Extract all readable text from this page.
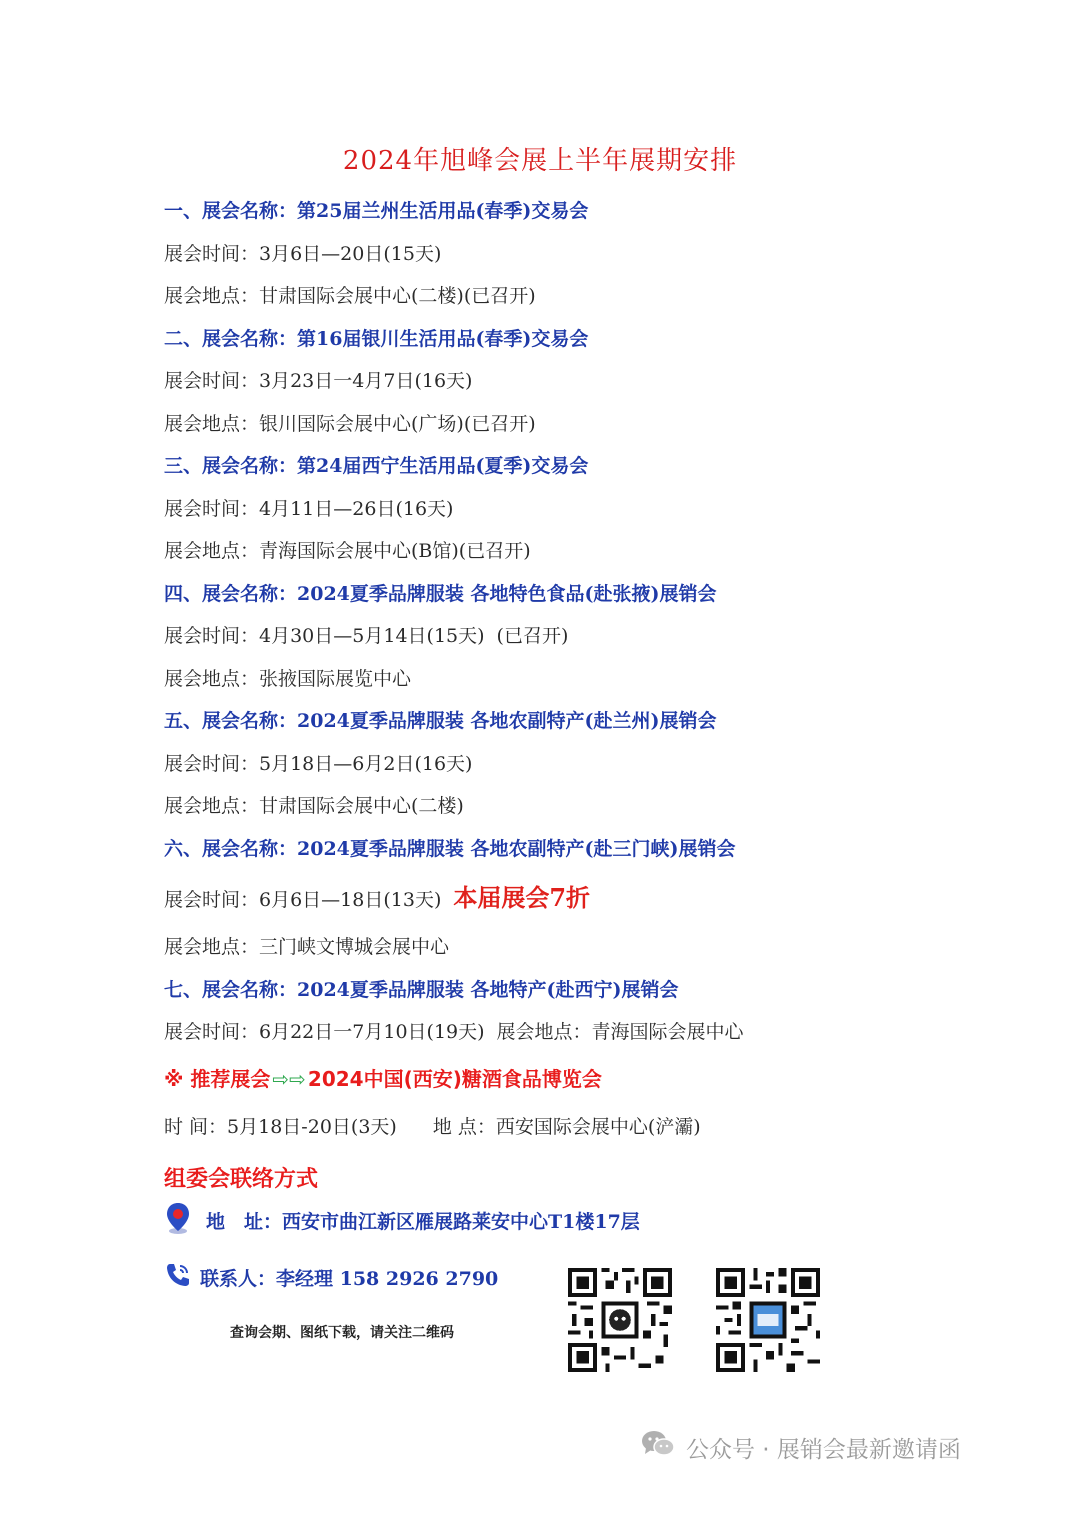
2024年旭峰会展上半年展期安排
一、展会名称：第25届兰州生活用品(春季)交易会
展会时间：3月6日—20日(15天)
展会地点：甘肃国际会展中心(二楼)(已召开)
二、展会名称：第16届银川生活用品(春季)交易会
展会时间：3月23日一4月7日(16天)
展会地点：银川国际会展中心(广场)(已召开)
三、展会名称：第24届西宁生活用品(夏季)交易会
展会时间：4月11日—26日(16天)
展会地点：青海国际会展中心(B馆)(已召开)
四、展会名称：2024夏季品牌服装 各地特色食品(赴张掖)展销会
展会时间：4月30日—5月14日(15天) (已召开)
展会地点：张掖国际展览中心
五、展会名称：2024夏季品牌服装 各地农副特产(赴兰州)展销会
展会时间：5月18日—6月2日(16天)
展会地点：甘肃国际会展中心(二楼)
六、展会名称：2024夏季品牌服装 各地农副特产(赴三门峡)展销会
展会时间：6月6日—18日(13天) 本届展会7折
展会地点：三门峡文博城会展中心
七、展会名称：2024夏季品牌服装 各地特产(赴西宁)展销会
展会时间：6月22日一7月10日(19天) 展会地点：青海国际会展中心
※ 推荐展会 ⇨⇨ 2024中国(西安)糖酒食品博览会
时 间：5月18日-20日(3天) 地 点：西安国际会展中心(浐灞)
组委会联络方式
地　址：西安市曲江新区雁展路莱安中心T1楼17层
联系人：李经理 158 2926 2790
查询会期、图纸下载，请关注二维码
公众号 · 展销会最新邀请函
